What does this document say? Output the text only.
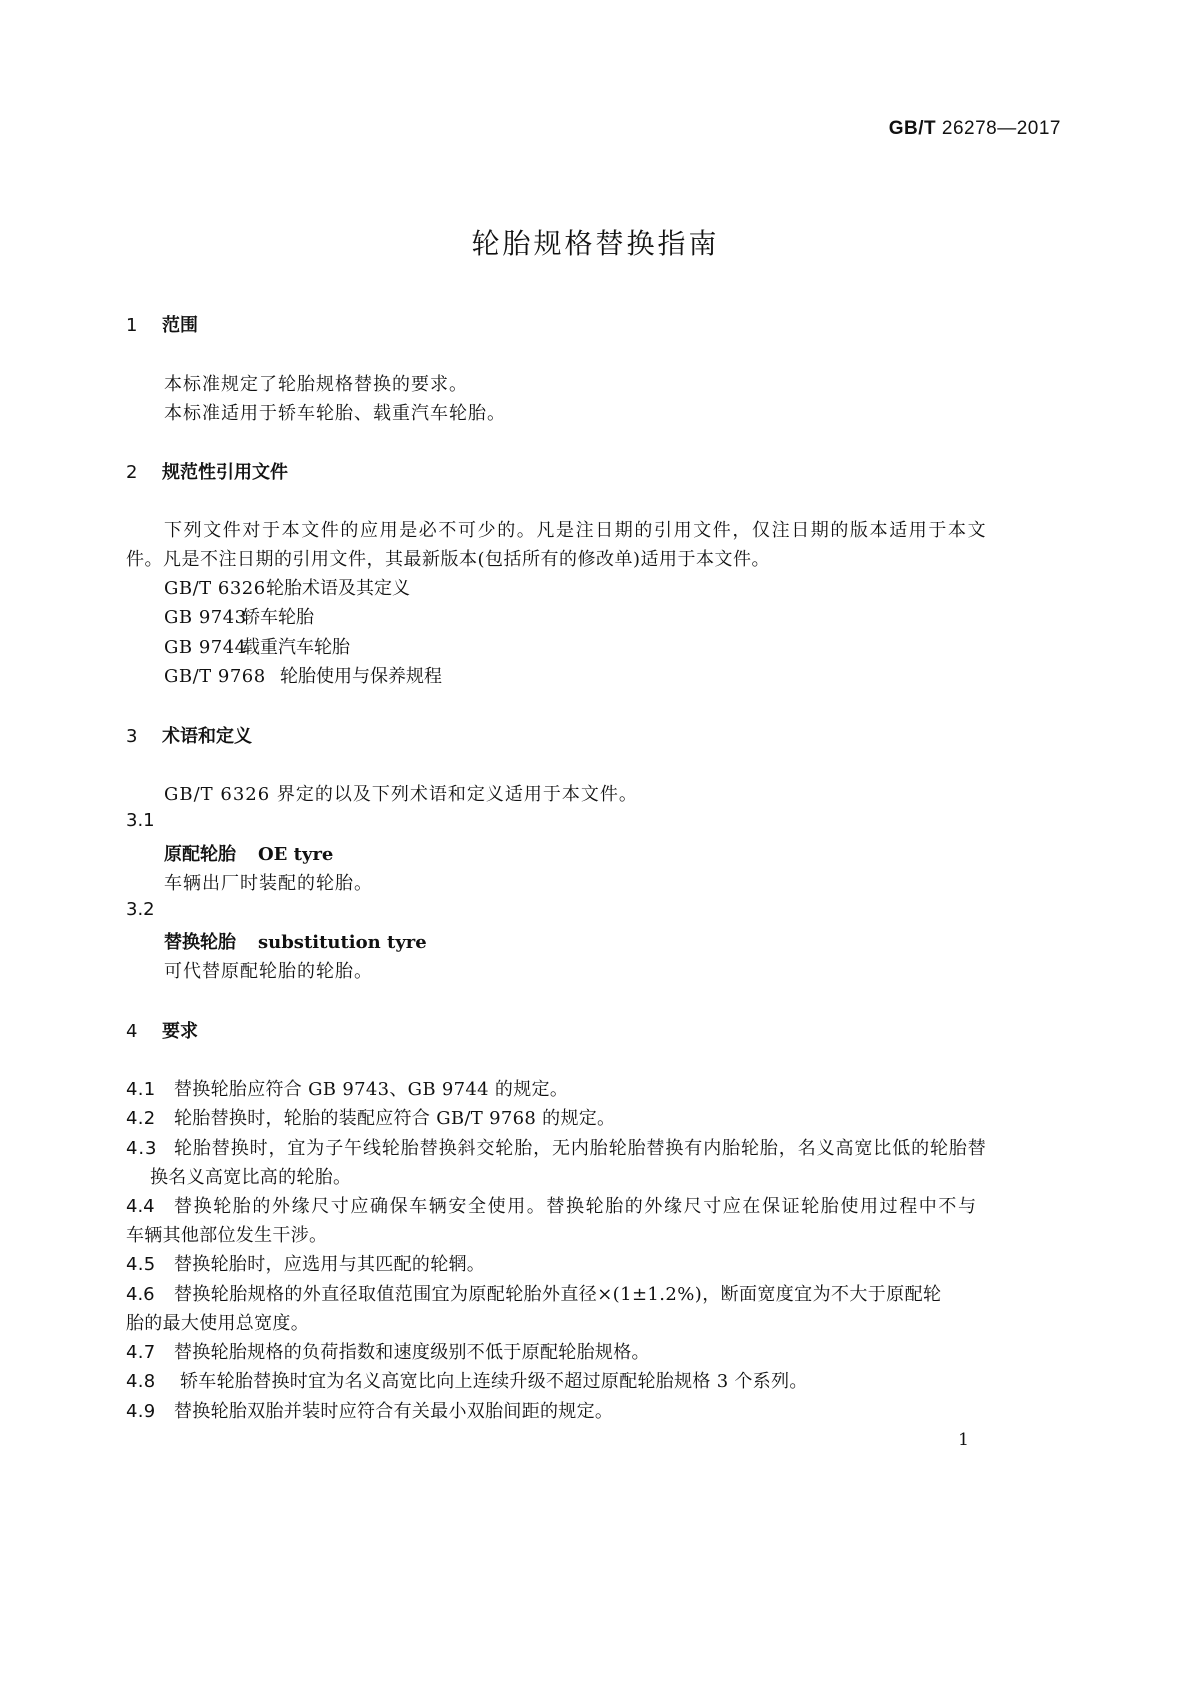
GB/T 26278—2017
轮胎规格替换指南
1 范围
本标准规定了轮胎规格替换的要求。
本标准适用于轿车轮胎、载重汽车轮胎。
2 规范性引用文件
下列文件对于本文件的应用是必不可少的。凡是注日期的引用文件，仅注日期的版本适用于本文
件。凡是不注日期的引用文件，其最新版本(包括所有的修改单)适用于本文件。
GB/T 6326轮胎术语及其定义
GB 9743轿车轮胎
GB 9744载重汽车轮胎
GB/T 9768 轮胎使用与保养规程
3 术语和定义
GB/T 6326 界定的以及下列术语和定义适用于本文件。
3.1
原配轮胎 OE tyre
车辆出厂时装配的轮胎。
3.2
替换轮胎 substitution tyre
可代替原配轮胎的轮胎。
4 要求
4.1 替换轮胎应符合 GB 9743、GB 9744 的规定。
4.2 轮胎替换时，轮胎的装配应符合 GB/T 9768 的规定。
4.3 轮胎替换时，宜为子午线轮胎替换斜交轮胎，无内胎轮胎替换有内胎轮胎，名义高宽比低的轮胎替
换名义高宽比高的轮胎。
4.4 替换轮胎的外缘尺寸应确保车辆安全使用。替换轮胎的外缘尺寸应在保证轮胎使用过程中不与
车辆其他部位发生干涉。
4.5 替换轮胎时，应选用与其匹配的轮辋。
4.6 替换轮胎规格的外直径取值范围宜为原配轮胎外直径×(1±1.2%)，断面宽度宜为不大于原配轮
胎的最大使用总宽度。
4.7 替换轮胎规格的负荷指数和速度级别不低于原配轮胎规格。
4.8 轿车轮胎替换时宜为名义高宽比向上连续升级不超过原配轮胎规格 3 个系列。
4.9 替换轮胎双胎并装时应符合有关最小双胎间距的规定。
1
